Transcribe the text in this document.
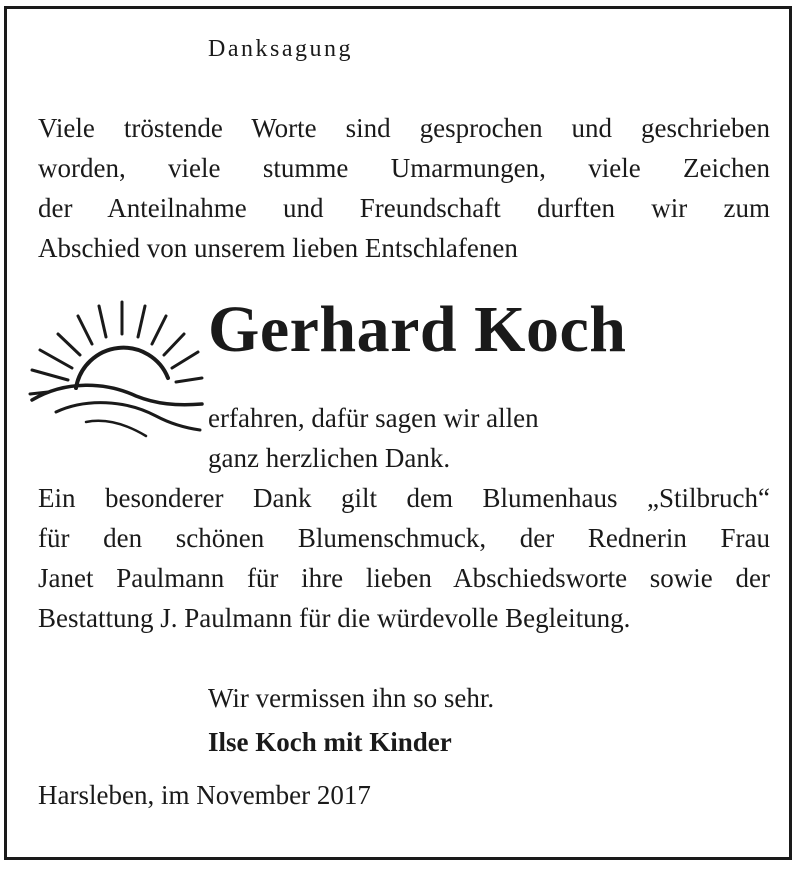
Danksagung

Viele tröstende Worte sind gesprochen und geschrieben
worden, viele stumme Umarmungen, viele Zeichen
der Anteilnahme und Freundschaft durften wir zum
Abschied von unserem lieben Entschlafenen

Gerhard Koch
erfahren, dafür sagen wir allen
ganz herzlichen Dank.

Ein besonderer Dank gilt dem Blumenhaus „Stilbruch“
für den schönen Blumenschmuck, der Rednerin Frau
Janet Paulmann für ihre lieben Abschiedsworte sowie der
Bestattung J. Paulmann für die würdevolle Begleitung.

Wir vermissen ihn so sehr.
Ilse Koch mit Kinder
Harsleben, im November 2017
